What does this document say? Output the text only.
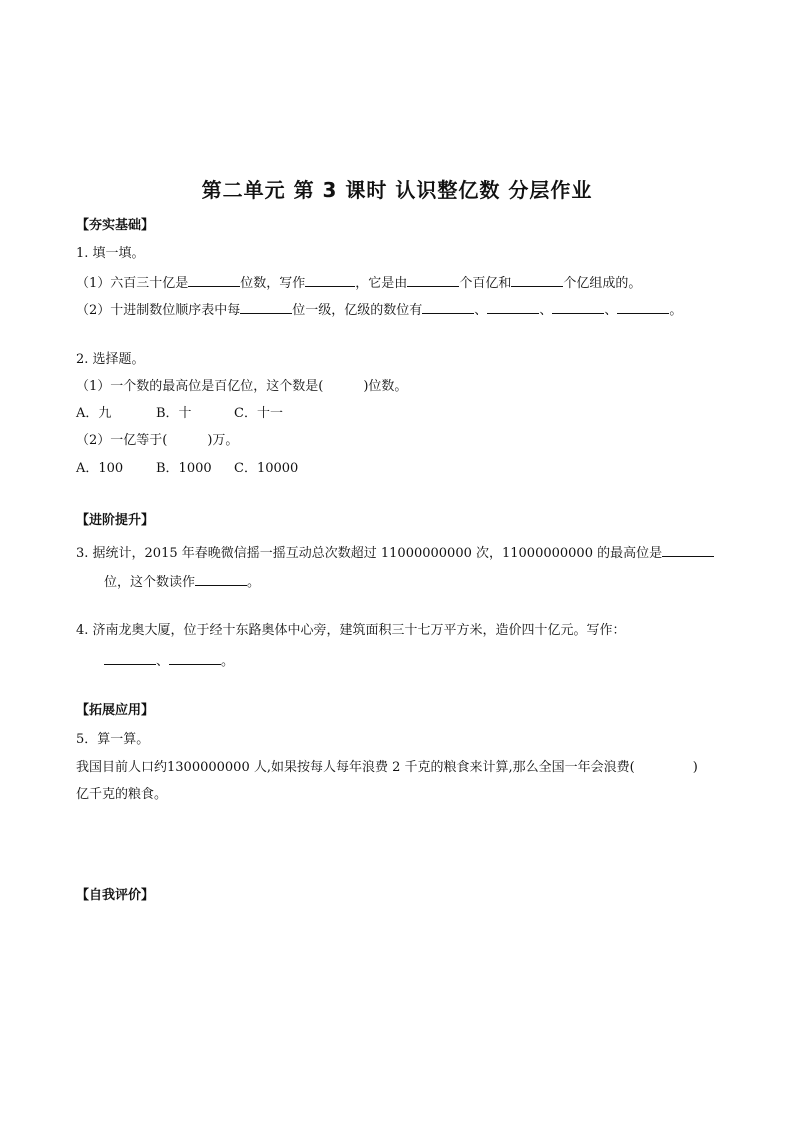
第二单元 第 3 课时 认识整亿数 分层作业
【夯实基础】
1. 填一填。
（1）六百三十亿是	位数，写作	，它是由	个百亿和	个亿组成的。
（2）十进制数位顺序表中每	位一级，亿级的数位有	、	、	、	。
2. 选择题。
（1）一个数的最高位是百亿位，这个数是(	)位数。
A．九	B．十	C．十一
（2）一亿等于(	)万。
A．100	B．1000 C．10000
【进阶提升】
3. 据统计，2015 年春晚微信摇一摇互动总次数超过 11000000000 次，11000000000 的最高位是
位，这个数读作	。
4. 济南龙奥大厦，位于经十东路奥体中心旁，建筑面积三十七万平方米，造价四十亿元。写作：
、	。
【拓展应用】
5．算一算。
我国目前人口约1300000000 人,如果按每人每年浪费 2 千克的粮食来计算,那么全国一年会浪费(	)
亿千克的粮食。
【自我评价】
